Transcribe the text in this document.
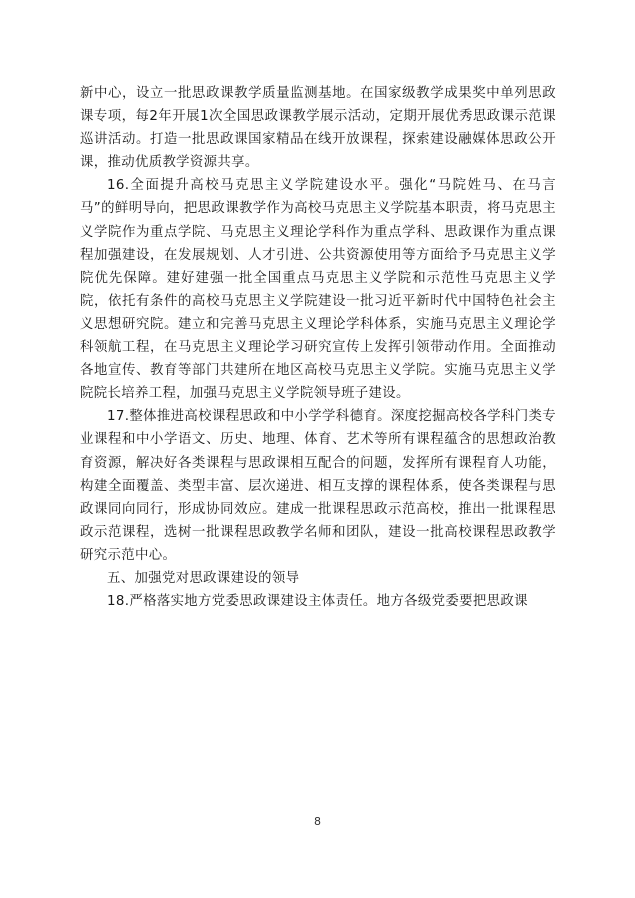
新中心，设立一批思政课教学质量监测基地。在国家级教学成果奖中单列思政课专项，每2年开展1次全国思政课教学展示活动，定期开展优秀思政课示范课巡讲活动。打造一批思政课国家精品在线开放课程，探索建设融媒体思政公开课，推动优质教学资源共享。

16.全面提升高校马克思主义学院建设水平。强化“马院姓马、在马言马”的鲜明导向，把思政课教学作为高校马克思主义学院基本职责，将马克思主义学院作为重点学院、马克思主义理论学科作为重点学科、思政课作为重点课程加强建设，在发展规划、人才引进、公共资源使用等方面给予马克思主义学院优先保障。建好建强一批全国重点马克思主义学院和示范性马克思主义学院，依托有条件的高校马克思主义学院建设一批习近平新时代中国特色社会主义思想研究院。建立和完善马克思主义理论学科体系，实施马克思主义理论学科领航工程，在马克思主义理论学习研究宣传上发挥引领带动作用。全面推动各地宣传、教育等部门共建所在地区高校马克思主义学院。实施马克思主义学院院长培养工程，加强马克思主义学院领导班子建设。

17.整体推进高校课程思政和中小学学科德育。深度挖掘高校各学科门类专业课程和中小学语文、历史、地理、体育、艺术等所有课程蕴含的思想政治教育资源，解决好各类课程与思政课相互配合的问题，发挥所有课程育人功能，构建全面覆盖、类型丰富、层次递进、相互支撑的课程体系，使各类课程与思政课同向同行，形成协同效应。建成一批课程思政示范高校，推出一批课程思政示范课程，选树一批课程思政教学名师和团队，建设一批高校课程思政教学研究示范中心。

五、加强党对思政课建设的领导

18.严格落实地方党委思政课建设主体责任。地方各级党委要把思政课

8
